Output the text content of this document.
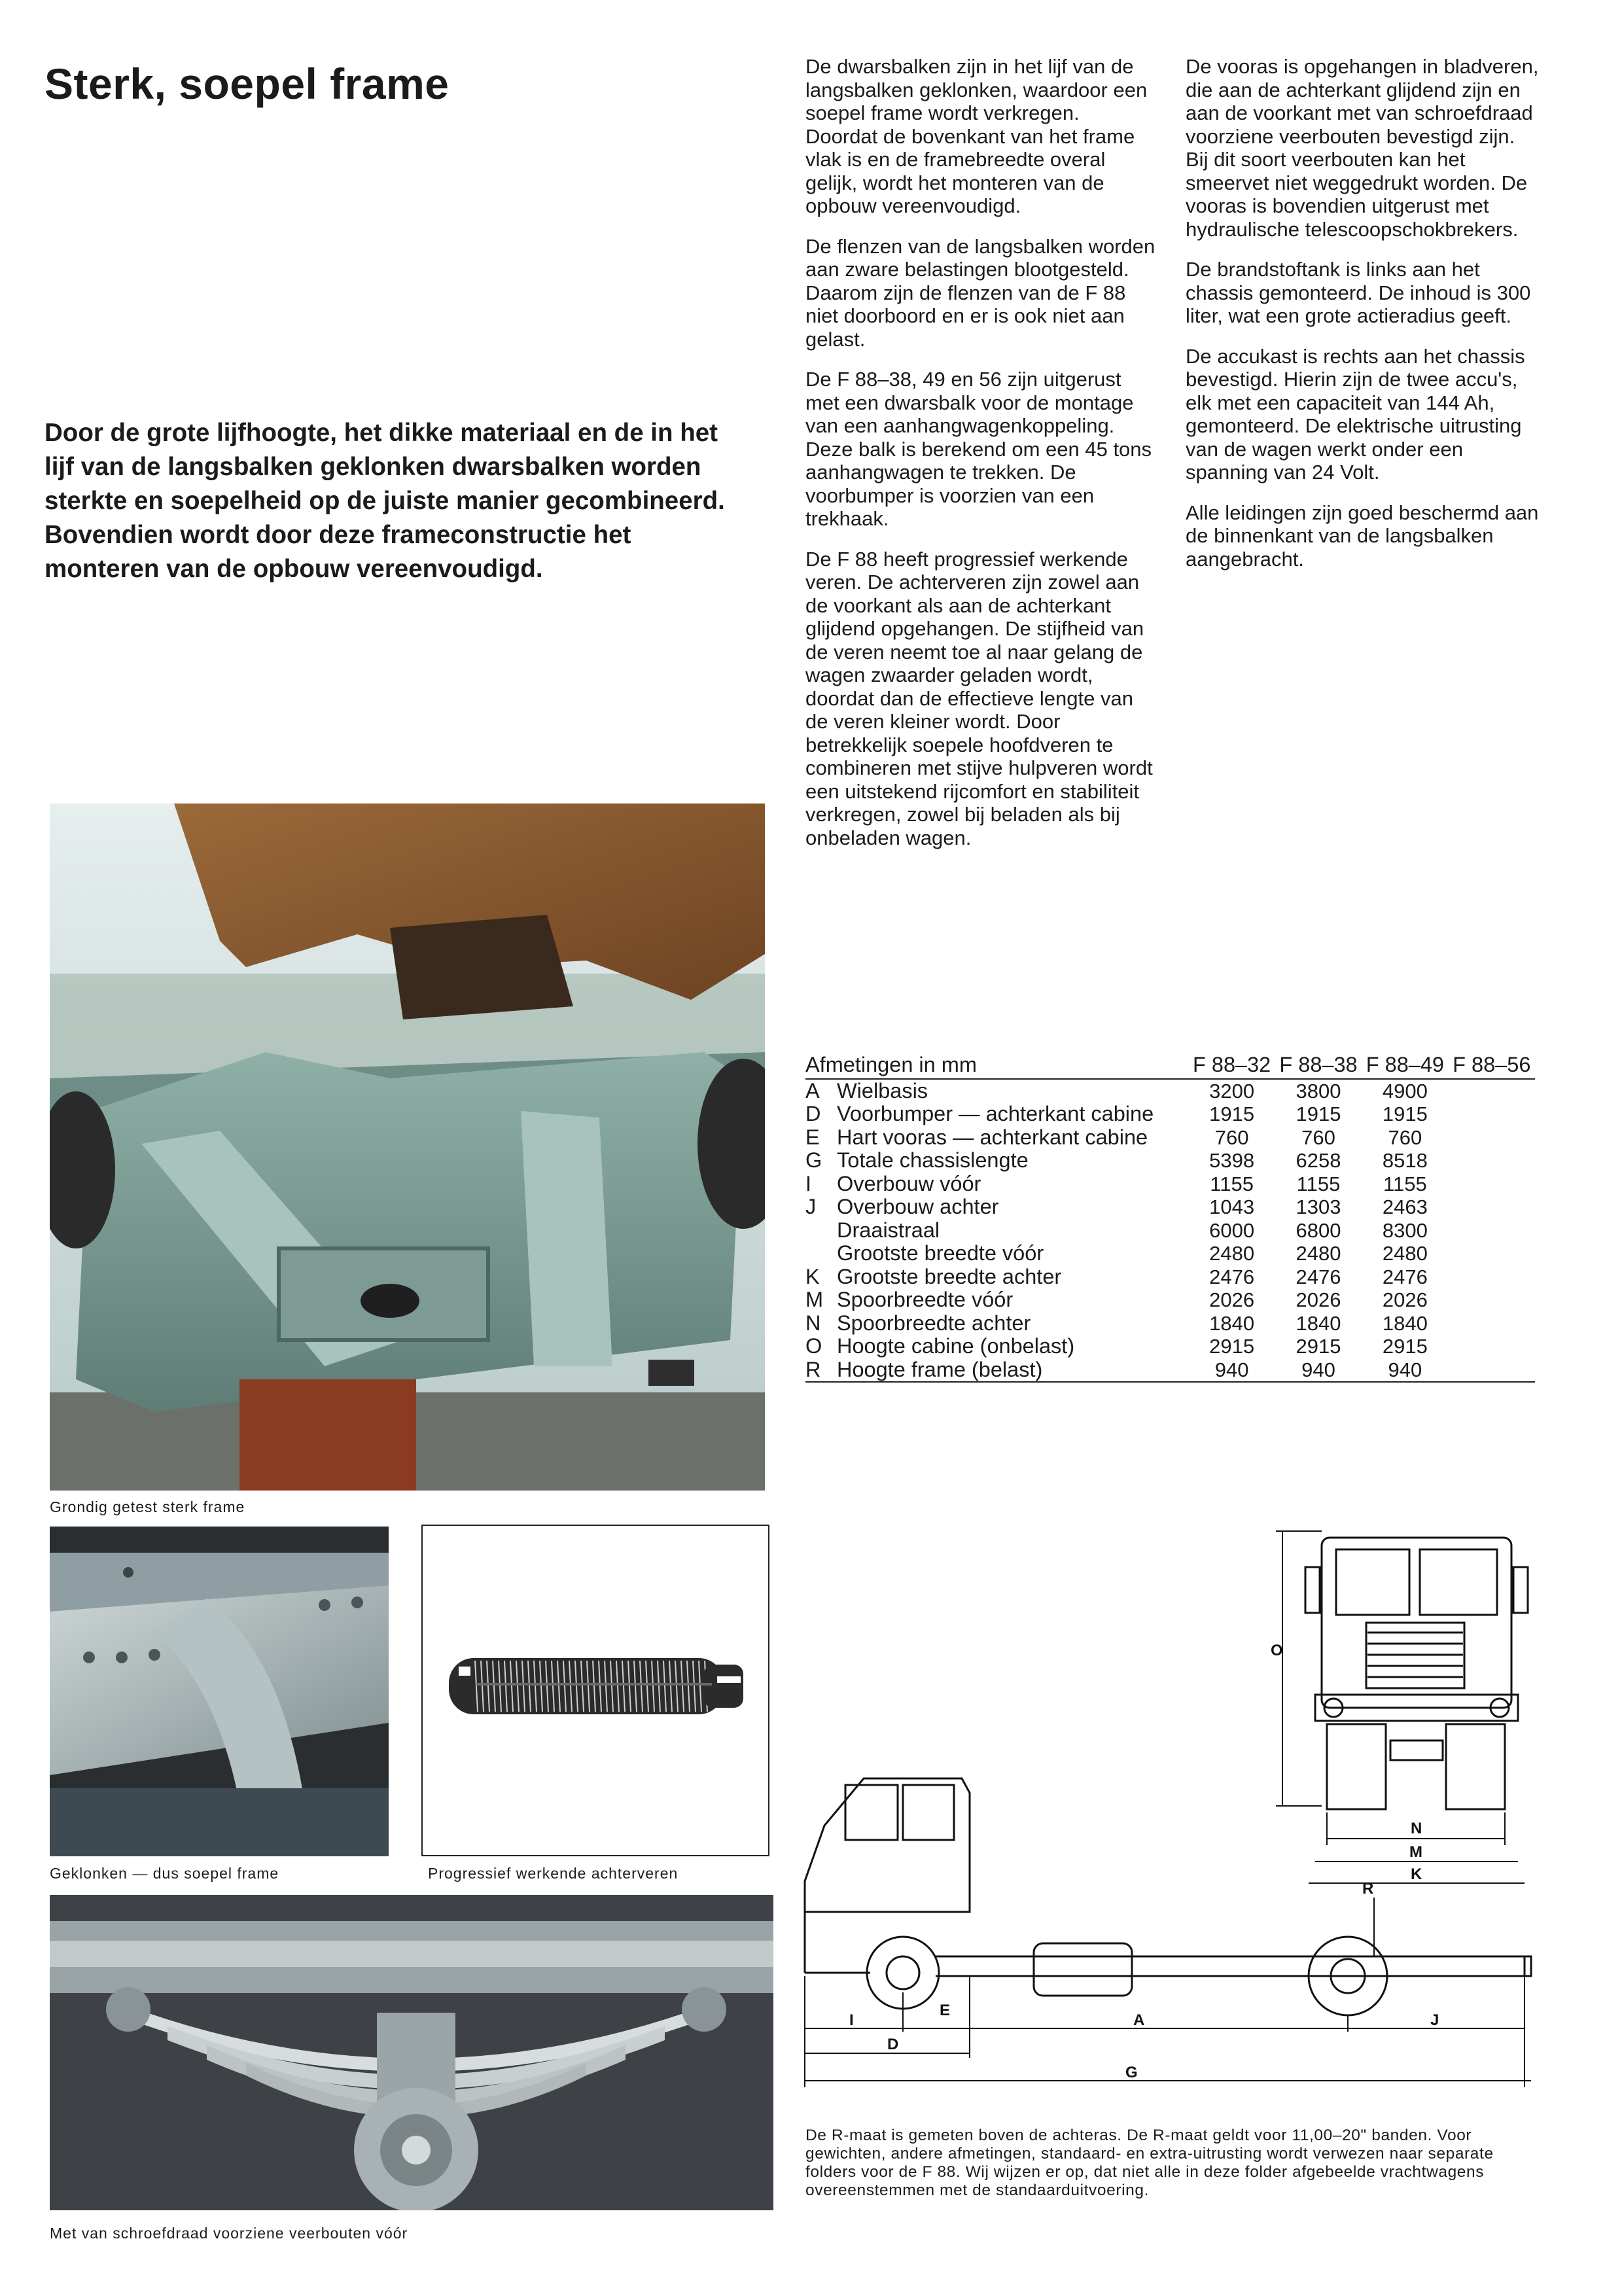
Sterk, soepel frame
Door de grote lijfhoogte, het dikke materiaal en de in het lijf van de langsbalken geklonken dwarsbalken worden sterkte en soepelheid op de juiste manier gecombineerd. Bovendien wordt door deze frameconstructie het monteren van de opbouw vereenvoudigd.

De dwarsbalken zijn in het lijf van de langsbalken geklonken, waardoor een soepel frame wordt verkregen. Doordat de bovenkant van het frame vlak is en de framebreedte overal gelijk, wordt het monteren van de opbouw vereenvoudigd.

De flenzen van de langsbalken worden aan zware belastingen blootgesteld. Daarom zijn de flenzen van de F 88 niet doorboord en er is ook niet aan gelast.

De F 88–38, 49 en 56 zijn uitgerust met een dwarsbalk voor de montage van een aanhangwagenkoppeling. Deze balk is berekend om een 45 tons aanhangwagen te trekken. De voorbumper is voorzien van een trekhaak.

De F 88 heeft progressief werkende veren. De achterveren zijn zowel aan de voorkant als aan de achterkant glijdend opgehangen. De stijfheid van de veren neemt toe al naar gelang de wagen zwaarder geladen wordt, doordat dan de effectieve lengte van de veren kleiner wordt. Door betrekkelijk soepele hoofdveren te combineren met stijve hulpveren wordt een uitstekend rijcomfort en stabiliteit verkregen, zowel bij beladen als bij onbeladen wagen.

De vooras is opgehangen in bladveren, die aan de achterkant glijdend zijn en aan de voorkant met van schroefdraad voorziene veerbouten bevestigd zijn. Bij dit soort veerbouten kan het smeervet niet weggedrukt worden. De vooras is bovendien uitgerust met hydraulische telescoopschokbrekers.

De brandstoftank is links aan het chassis gemonteerd. De inhoud is 300 liter, wat een grote actieradius geeft.

De accukast is rechts aan het chassis bevestigd. Hierin zijn de twee accu's, elk met een capaciteit van 144 Ah, gemonteerd. De elektrische uitrusting van de wagen werkt onder een spanning van 24 Volt.

Alle leidingen zijn goed beschermd aan de binnenkant van de langsbalken aangebracht.

Grondig getest sterk frame
Geklonken — dus soepel frame	Progressief werkende achterveren
Met van schroefdraad voorziene veerbouten vóór
Afmetingen in mm		F 88–32	F 88–38	F 88–49	F 88–56
A	Wielbasis	3200	3800	4900	
D	Voorbumper — achterkant cabine	1915	1915	1915	
E	Hart vooras — achterkant cabine	760	760	760	
G	Totale chassislengte	5398	6258	8518	
I	Overbouw vóór	1155	1155	1155	
J	Overbouw achter	1043	1303	2463	
	Draaistraal	6000	6800	8300	
	Grootste breedte vóór	2480	2480	2480	
K	Grootste breedte achter	2476	2476	2476	
M	Spoorbreedte vóór	2026	2026	2026	
N	Spoorbreedte achter	1840	1840	1840	
O	Hoogte cabine (onbelast)	2915	2915	2915	
R	Hoogte frame (belast)	940	940	940	
O
N
M
K
R
E
I
D
A	J
G
De R-maat is gemeten boven de achteras. De R-maat geldt voor 11,00–20" banden. Voor gewichten, andere afmetingen, standaard- en extra-uitrusting wordt verwezen naar separate folders voor de F 88. Wij wijzen er op, dat niet alle in deze folder afgebeelde vrachtwagens overeenstemmen met de standaarduitvoering.
